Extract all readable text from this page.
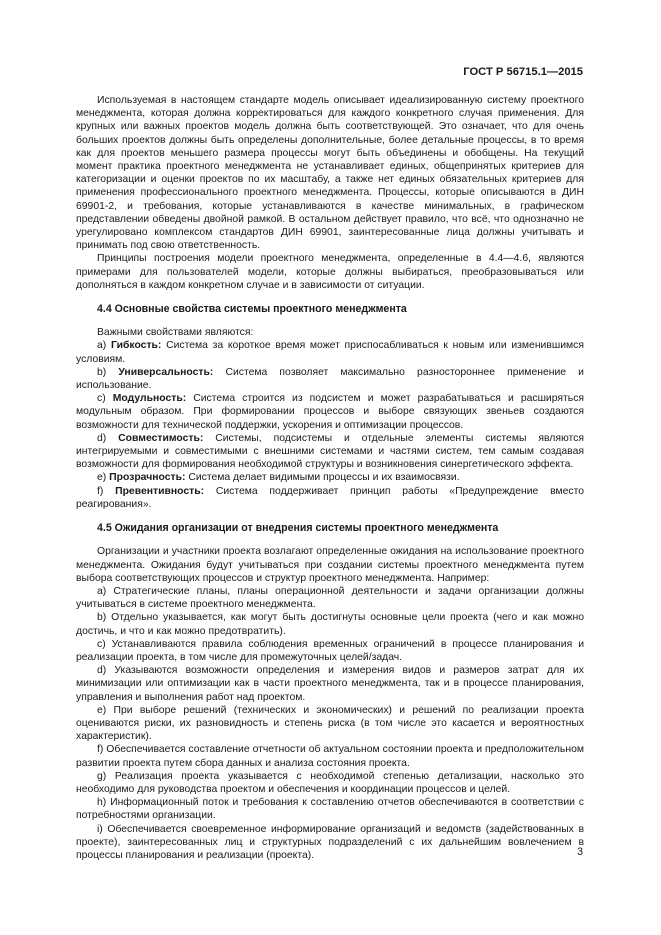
ГОСТ Р 56715.1—2015

Используемая в настоящем стандарте модель описывает идеализированную систему проектного менеджмента, которая должна корректироваться для каждого конкретного случая применения. Для крупных или важных проектов модель должна быть соответствующей. Это означает, что для очень больших проектов должны быть определены дополнительные, более детальные процессы, в то время как для проектов меньшего размера процессы могут быть объединены и обобщены. На текущий момент практика проектного менеджмента не устанавливает единых, общепринятых критериев для категоризации и оценки проектов по их масштабу, а также нет единых обязательных критериев для применения профессионального проектного менеджмента. Процессы, которые описываются в ДИН 69901-2, и требования, которые устанавливаются в качестве минимальных, в графическом представлении обведены двойной рамкой. В остальном действует правило, что всё, что однозначно не урегулировано комплексом стандартов ДИН 69901, заинтересованные лица должны учитывать и принимать под свою ответственность.

Принципы построения модели проектного менеджмента, определенные в 4.4—4.6, являются примерами для пользователей модели, которые должны выбираться, преобразовываться или дополняться в каждом конкретном случае и в зависимости от ситуации.

4.4 Основные свойства системы проектного менеджмента

Важными свойствами являются:

а) Гибкость: Система за короткое время может приспосабливаться к новым или изменившимся условиям.

b) Универсальность: Система позволяет максимально разностороннее применение и использование.

с) Модульность: Система строится из подсистем и может разрабатываться и расширяться модульным образом. При формировании процессов и выборе связующих звеньев создаются возможности для технической поддержки, ускорения и оптимизации процессов.

d) Совместимость: Системы, подсистемы и отдельные элементы системы являются интегрируемыми и совместимыми с внешними системами и частями систем, тем самым создавая возможности для формирования необходимой структуры и возникновения синергетического эффекта.

е) Прозрачность: Система делает видимыми процессы и их взаимосвязи.

f) Превентивность: Система поддерживает принцип работы «Предупреждение вместо реагирования».

4.5 Ожидания организации от внедрения системы проектного менеджмента

Организации и участники проекта возлагают определенные ожидания на использование проектного менеджмента. Ожидания будут учитываться при создании системы проектного менеджмента путем выбора соответствующих процессов и структур проектного менеджмента. Например:

а) Стратегические планы, планы операционной деятельности и задачи организации должны учитываться в системе проектного менеджмента.

b) Отдельно указывается, как могут быть достигнуты основные цели проекта (чего и как можно достичь, и что и как можно предотвратить).

с) Устанавливаются правила соблюдения временных ограничений в процессе планирования и реализации проекта, в том числе для промежуточных целей/задач.

d) Указываются возможности определения и измерения видов и размеров затрат для их минимизации или оптимизации как в части проектного менеджмента, так и в процессе планирования, управления и выполнения работ над проектом.

е) При выборе решений (технических и экономических) и решений по реализации проекта оцениваются риски, их разновидность и степень риска (в том числе это касается и вероятностных характеристик).

f) Обеспечивается составление отчетности об актуальном состоянии проекта и предположительном развитии проекта путем сбора данных и анализа состояния проекта.

g) Реализация проекта указывается с необходимой степенью детализации, насколько это необходимо для руководства проектом и обеспечения и координации процессов и целей.

h) Информационный поток и требования к составлению отчетов обеспечиваются в соответствии с потребностями организации.

i) Обеспечивается своевременное информирование организаций и ведомств (задействованных в проекте), заинтересованных лиц и структурных подразделений с их дальнейшим вовлечением в процессы планирования и реализации (проекта).	3
